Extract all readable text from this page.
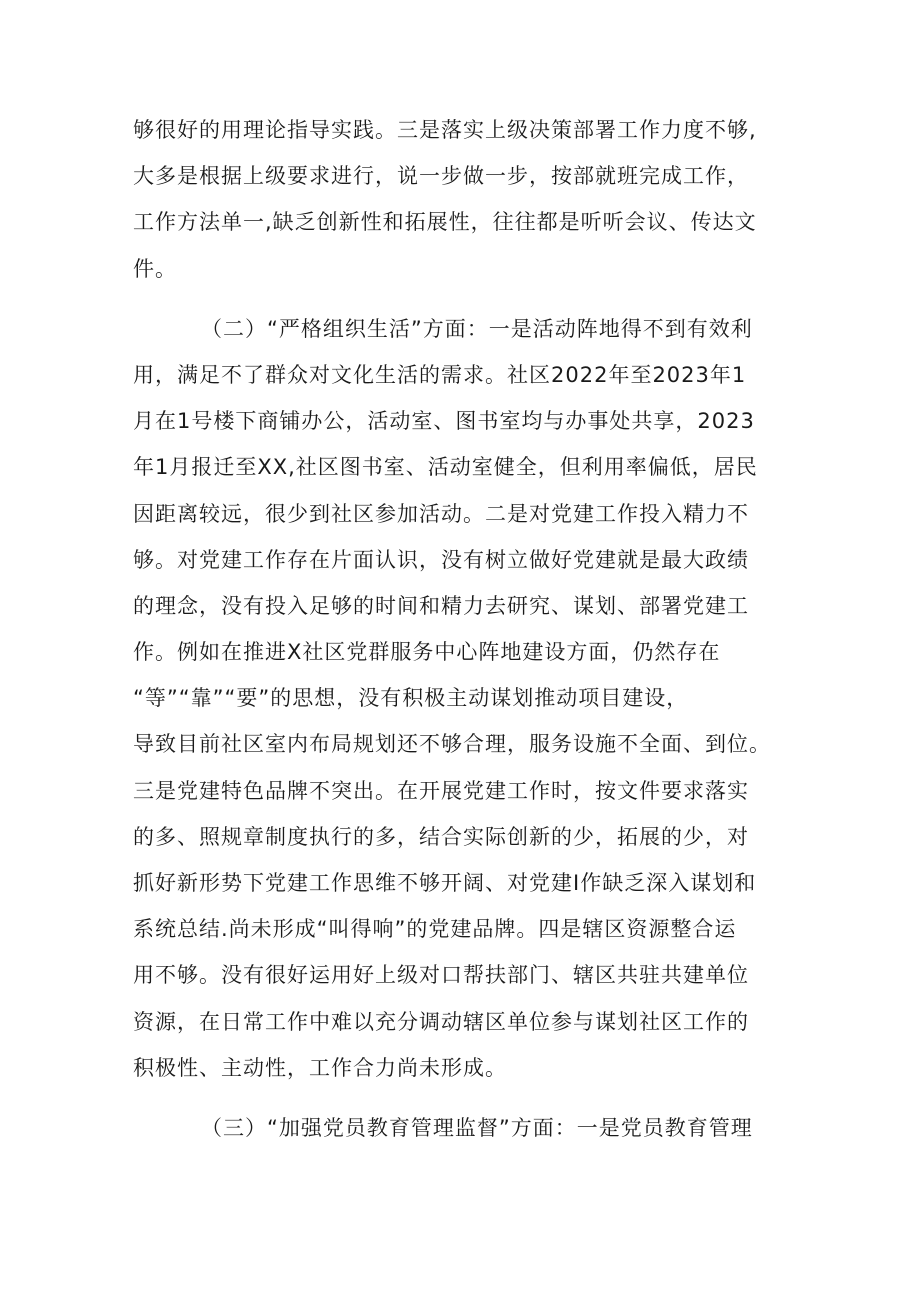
够很好的用理论指导实践。三是落实上级决策部署工作力度不够,
大多是根据上级要求进行，说一步做一步，按部就班完成工作，
工作方法单一,缺乏创新性和拓展性，往往都是听听会议、传达文
件。
（二）“严格组织生活”方面：一是活动阵地得不到有效利
用，满足不了群众对文化生活的需求。社区2022年至2023年1
月在1号楼下商铺办公，活动室、图书室均与办事处共享，2023
年1月报迁至XX,社区图书室、活动室健全，但利用率偏低，居民
因距离较远，很少到社区参加活动。二是对党建工作投入精力不
够。对党建工作存在片面认识，没有树立做好党建就是最大政绩
的理念，没有投入足够的时间和精力去研究、谋划、部署党建工
作。例如在推进X社区党群服务中心阵地建设方面，仍然存在
“等”“靠”“要”的思想，没有积极主动谋划推动项目建设，
导致目前社区室内布局规划还不够合理，服务设施不全面、到位。
三是党建特色品牌不突出。在开展党建工作时，按文件要求落实
的多、照规章制度执行的多，结合实际创新的少，拓展的少，对
抓好新形势下党建工作思维不够开阔、对党建Ⅰ作缺乏深入谋划和
系统总结.尚未形成“叫得响”的党建品牌。四是辖区资源整合运
用不够。没有很好运用好上级对口帮扶部门、辖区共驻共建单位
资源，在日常工作中难以充分调动辖区单位参与谋划社区工作的
积极性、主动性，工作合力尚未形成。
（三）“加强党员教育管理监督”方面：一是党员教育管理
